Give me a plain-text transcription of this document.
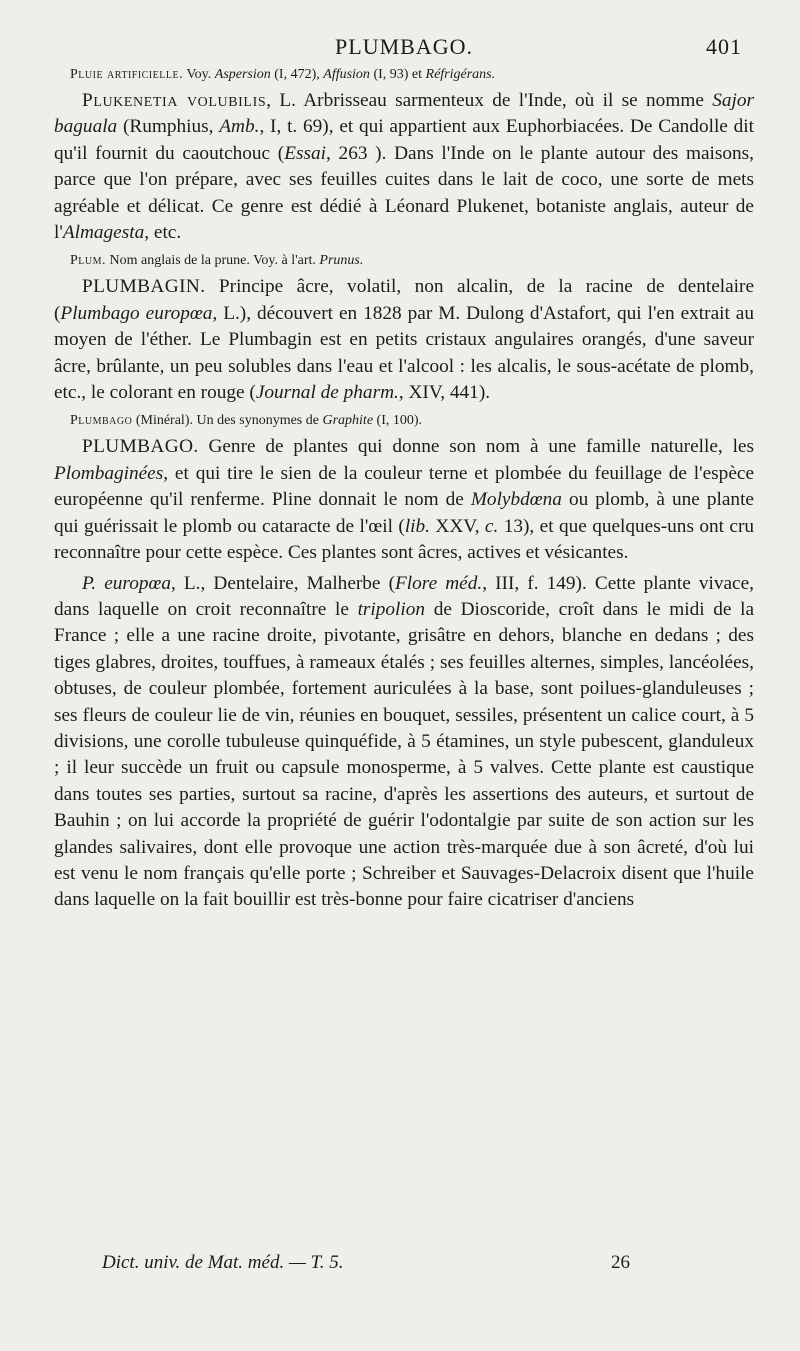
PLUMBAGO.	401

Pluie artificielle. Voy. Aspersion (I, 472), Affusion (I, 93) et Réfrigérans.

Plukenetia volubilis, L. Arbrisseau sarmenteux de l'Inde, où il se nomme Sajor baguala (Rumphius, Amb., I, t. 69), et qui appartient aux Euphorbiacées. De Candolle dit qu'il fournit du caoutchouc (Essai, 263 ). Dans l'Inde on le plante autour des maisons, parce que l'on prépare, avec ses feuilles cuites dans le lait de coco, une sorte de mets agréable et délicat. Ce genre est dédié à Léonard Plukenet, botaniste anglais, auteur de l'Almagesta, etc.

Plum. Nom anglais de la prune. Voy. à l'art. Prunus.

PLUMBAGIN. Principe âcre, volatil, non alcalin, de la racine de dentelaire (Plumbago europœa, L.), découvert en 1828 par M. Dulong d'Astafort, qui l'en extrait au moyen de l'éther. Le Plumbagin est en petits cristaux angulaires orangés, d'une saveur âcre, brûlante, un peu solubles dans l'eau et l'alcool : les alcalis, le sous-acétate de plomb, etc., le colorant en rouge (Journal de pharm., XIV, 441).

Plumbago (Minéral). Un des synonymes de Graphite (I, 100).

PLUMBAGO. Genre de plantes qui donne son nom à une famille naturelle, les Plombaginées, et qui tire le sien de la couleur terne et plombée du feuillage de l'espèce européenne qu'il renferme. Pline donnait le nom de Molybdœna ou plomb, à une plante qui guérissait le plomb ou cataracte de l'œil (lib. XXV, c. 13), et que quelques-uns ont cru reconnaître pour cette espèce. Ces plantes sont âcres, actives et vésicantes.

P. europœa, L., Dentelaire, Malherbe (Flore méd., III, f. 149). Cette plante vivace, dans laquelle on croit reconnaître le tripolion de Dioscoride, croît dans le midi de la France ; elle a une racine droite, pivotante, grisâtre en dehors, blanche en dedans ; des tiges glabres, droites, touffues, à rameaux étalés ; ses feuilles alternes, simples, lancéolées, obtuses, de couleur plombée, fortement auriculées à la base, sont poilues-glanduleuses ; ses fleurs de couleur lie de vin, réunies en bouquet, sessiles, présentent un calice court, à 5 divisions, une corolle tubuleuse quinquéfide, à 5 étamines, un style pubescent, glanduleux ; il leur succède un fruit ou capsule monosperme, à 5 valves. Cette plante est caustique dans toutes ses parties, surtout sa racine, d'après les assertions des auteurs, et surtout de Bauhin ; on lui accorde la propriété de guérir l'odontalgie par suite de son action sur les glandes salivaires, dont elle provoque une action très-marquée due à son âcreté, d'où lui est venu le nom français qu'elle porte ; Schreiber et Sauvages-Delacroix disent que l'huile dans laquelle on la fait bouillir est très-bonne pour faire cicatriser d'anciens

Dict. univ. de Mat. méd. — T. 5.	26
